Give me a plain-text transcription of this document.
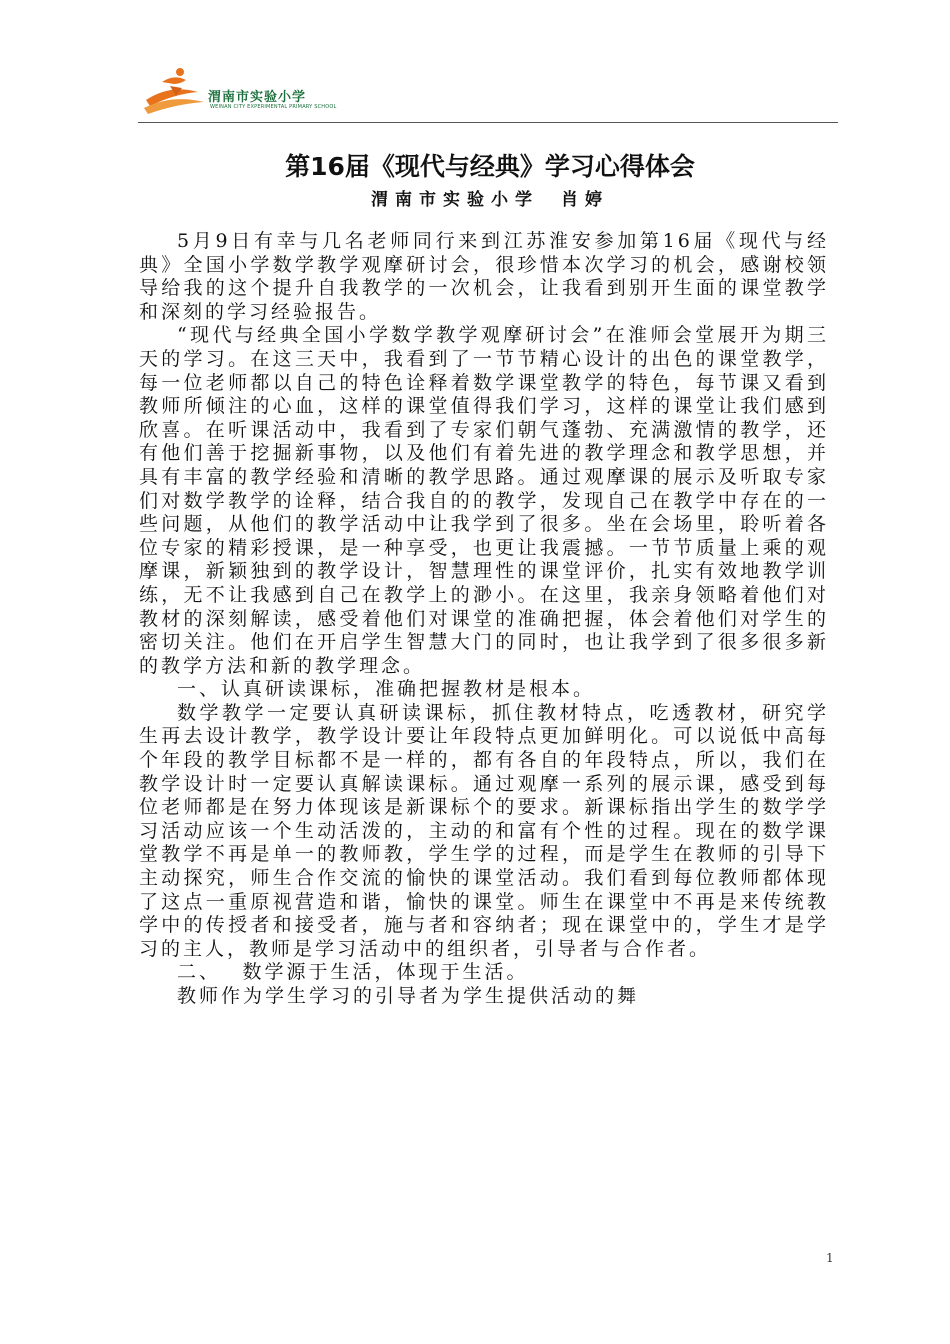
渭南市实验小学
WEINAN CITY EXPERIMENTAL PRIMARY SCHOOL
第16届《现代与经典》学习心得体会
渭南市实验小学 肖婷

5月9日有幸与几名老师同行来到江苏淮安参加第16届《现代与经典》全国小学数学教学观摩研讨会，很珍惜本次学习的机会，感谢校领导给我的这个提升自我教学的一次机会，让我看到别开生面的课堂教学和深刻的学习经验报告。

“现代与经典全国小学数学教学观摩研讨会”在淮师会堂展开为期三天的学习。在这三天中，我看到了一节节精心设计的出色的课堂教学，每一位老师都以自己的特色诠释着数学课堂教学的特色，每节课又看到教师所倾注的心血，这样的课堂值得我们学习，这样的课堂让我们感到欣喜。在听课活动中，我看到了专家们朝气蓬勃、充满激情的教学，还有他们善于挖掘新事物，以及他们有着先进的教学理念和教学思想，并具有丰富的教学经验和清晰的教学思路。通过观摩课的展示及听取专家们对数学教学的诠释，结合我自的的教学，发现自己在教学中存在的一些问题，从他们的教学活动中让我学到了很多。坐在会场里，聆听着各位专家的精彩授课，是一种享受，也更让我震撼。一节节质量上乘的观摩课，新颖独到的教学设计，智慧理性的课堂评价，扎实有效地教学训练，无不让我感到自己在教学上的渺小。在这里，我亲身领略着他们对教材的深刻解读，感受着他们对课堂的准确把握，体会着他们对学生的密切关注。他们在开启学生智慧大门的同时，也让我学到了很多很多新的教学方法和新的教学理念。

一、认真研读课标，准确把握教材是根本。

数学教学一定要认真研读课标，抓住教材特点，吃透教材，研究学生再去设计教学，教学设计要让年段特点更加鲜明化。可以说低中高每个年段的教学目标都不是一样的，都有各自的年段特点，所以，我们在教学设计时一定要认真解读课标。通过观摩一系列的展示课，感受到每位老师都是在努力体现该是新课标个的要求。新课标指出学生的数学学习活动应该一个生动活泼的，主动的和富有个性的过程。现在的数学课堂教学不再是单一的教师教，学生学的过程，而是学生在教师的引导下主动探究，师生合作交流的愉快的课堂活动。我们看到每位教师都体现了这点一重原视营造和谐，愉快的课堂。师生在课堂中不再是来传统教学中的传授者和接受者，施与者和容纳者；现在课堂中的，学生才是学习的主人，教师是学习活动中的组织者，引导者与合作者。

二、　 数学源于生活，体现于生活。

教师作为学生学习的引导者为学生提供活动的舞

1
